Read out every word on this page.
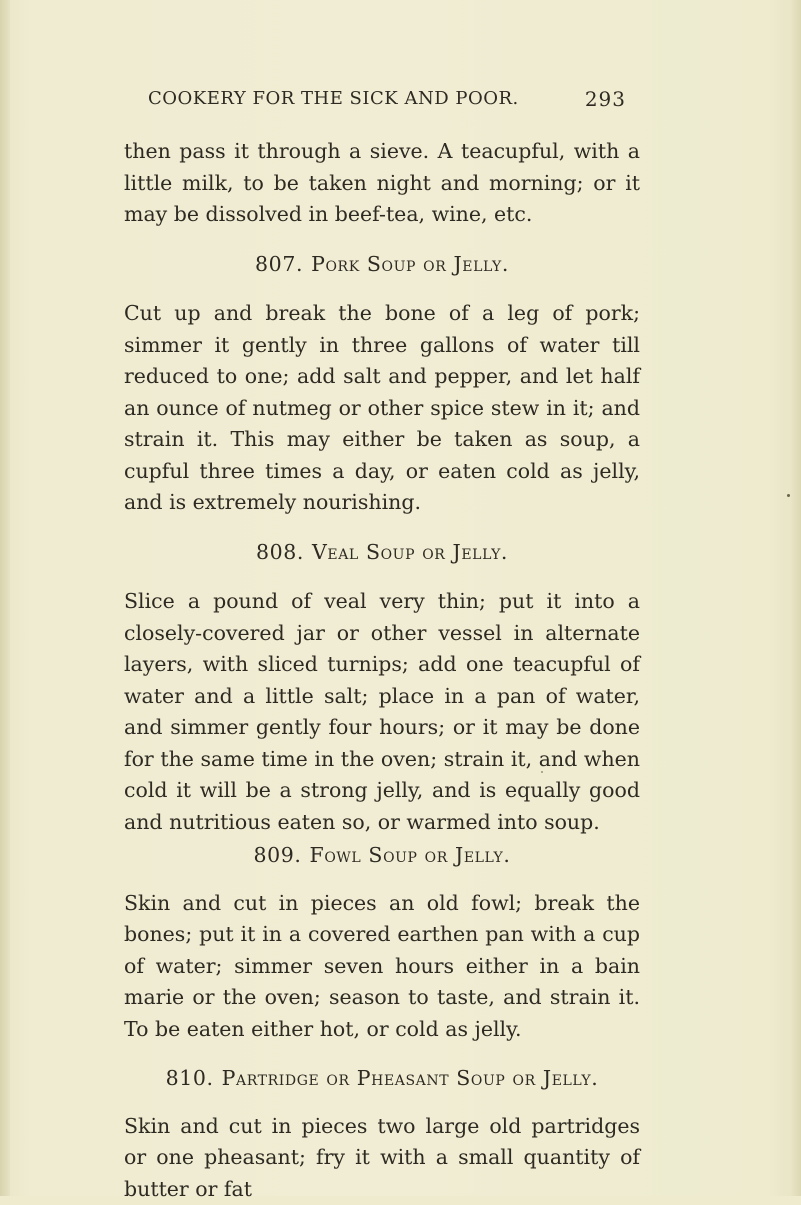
COOKERY FOR THE SICK AND POOR.	293

then pass it through a sieve. A teacupful, with a little milk, to be taken night and morning; or it may be dissolved in beef-tea, wine, etc.

807. Pork Soup or Jelly.

Cut up and break the bone of a leg of pork; simmer it gently in three gallons of water till reduced to one; add salt and pepper, and let half an ounce of nutmeg or other spice stew in it; and strain it. This may either be taken as soup, a cupful three times a day, or eaten cold as jelly, and is extremely nourishing.

808. Veal Soup or Jelly.

Slice a pound of veal very thin; put it into a closely-covered jar or other vessel in alternate layers, with sliced turnips; add one teacupful of water and a little salt; place in a pan of water, and simmer gently four hours; or it may be done for the same time in the oven; strain it, and when cold it will be a strong jelly, and is equally good and nutritious eaten so, or warmed into soup.

809. Fowl Soup or Jelly.

Skin and cut in pieces an old fowl; break the bones; put it in a covered earthen pan with a cup of water; simmer seven hours either in a bain marie or the oven; season to taste, and strain it. To be eaten either hot, or cold as jelly.

810. Partridge or Pheasant Soup or Jelly.

Skin and cut in pieces two large old partridges or one pheasant; fry it with a small quantity of butter or fat
